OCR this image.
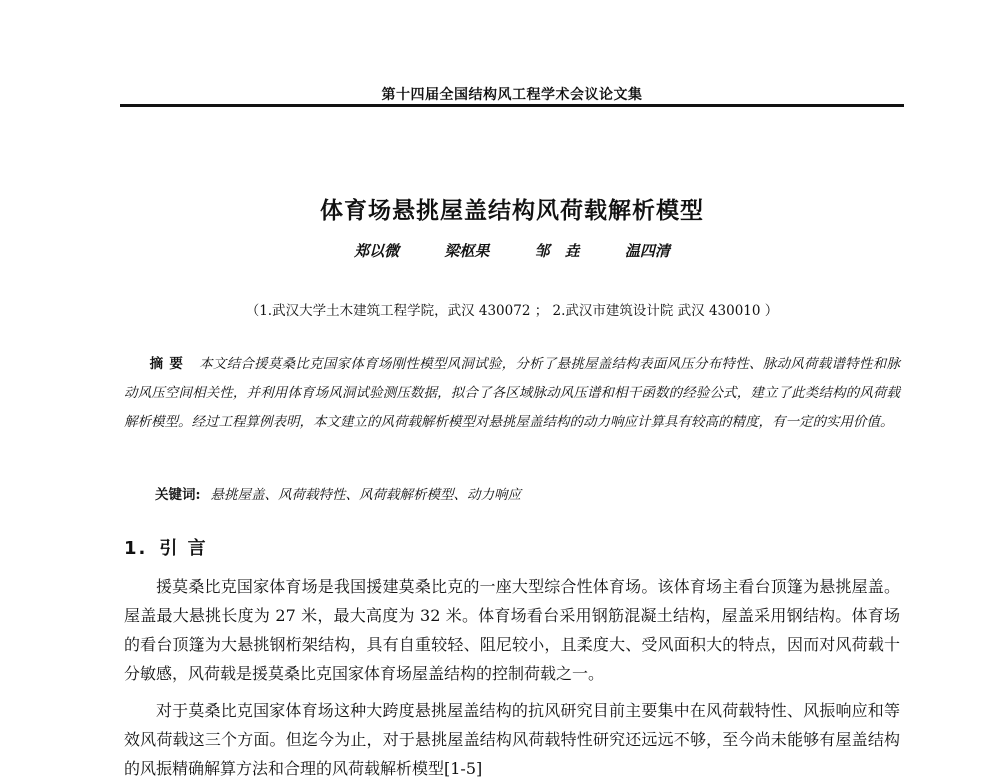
第十四届全国结构风工程学术会议论文集
体育场悬挑屋盖结构风荷载解析模型
郑以微	梁枢果	邹　垚	温四清
（1.武汉大学土木建筑工程学院，武汉 430072 ； 2.武汉市建筑设计院 武汉 430010 ）
摘要 本文结合援莫桑比克国家体育场刚性模型风洞试验，分析了悬挑屋盖结构表面风压分布特性、脉动风荷载谱特性和脉动风压空间相关性，并利用体育场风洞试验测压数据，拟合了各区域脉动风压谱和相干函数的经验公式，建立了此类结构的风荷载解析模型。经过工程算例表明，本文建立的风荷载解析模型对悬挑屋盖结构的动力响应计算具有较高的精度，有一定的实用价值。
关键词: 悬挑屋盖、风荷载特性、风荷载解析模型、动力响应
1. 引 言

援莫桑比克国家体育场是我国援建莫桑比克的一座大型综合性体育场。该体育场主看台顶篷为悬挑屋盖。屋盖最大悬挑长度为 27 米，最大高度为 32 米。体育场看台采用钢筋混凝土结构，屋盖采用钢结构。体育场的看台顶篷为大悬挑钢桁架结构，具有自重较轻、阻尼较小，且柔度大、受风面积大的特点，因而对风荷载十分敏感，风荷载是援莫桑比克国家体育场屋盖结构的控制荷载之一。

对于莫桑比克国家体育场这种大跨度悬挑屋盖结构的抗风研究目前主要集中在风荷载特性、风振响应和等效风荷载这三个方面。但迄今为止，对于悬挑屋盖结构风荷载特性研究还远远不够，至今尚未能够有屋盖结构的风振精确解算方法和合理的风荷载解析模型[1-5]
